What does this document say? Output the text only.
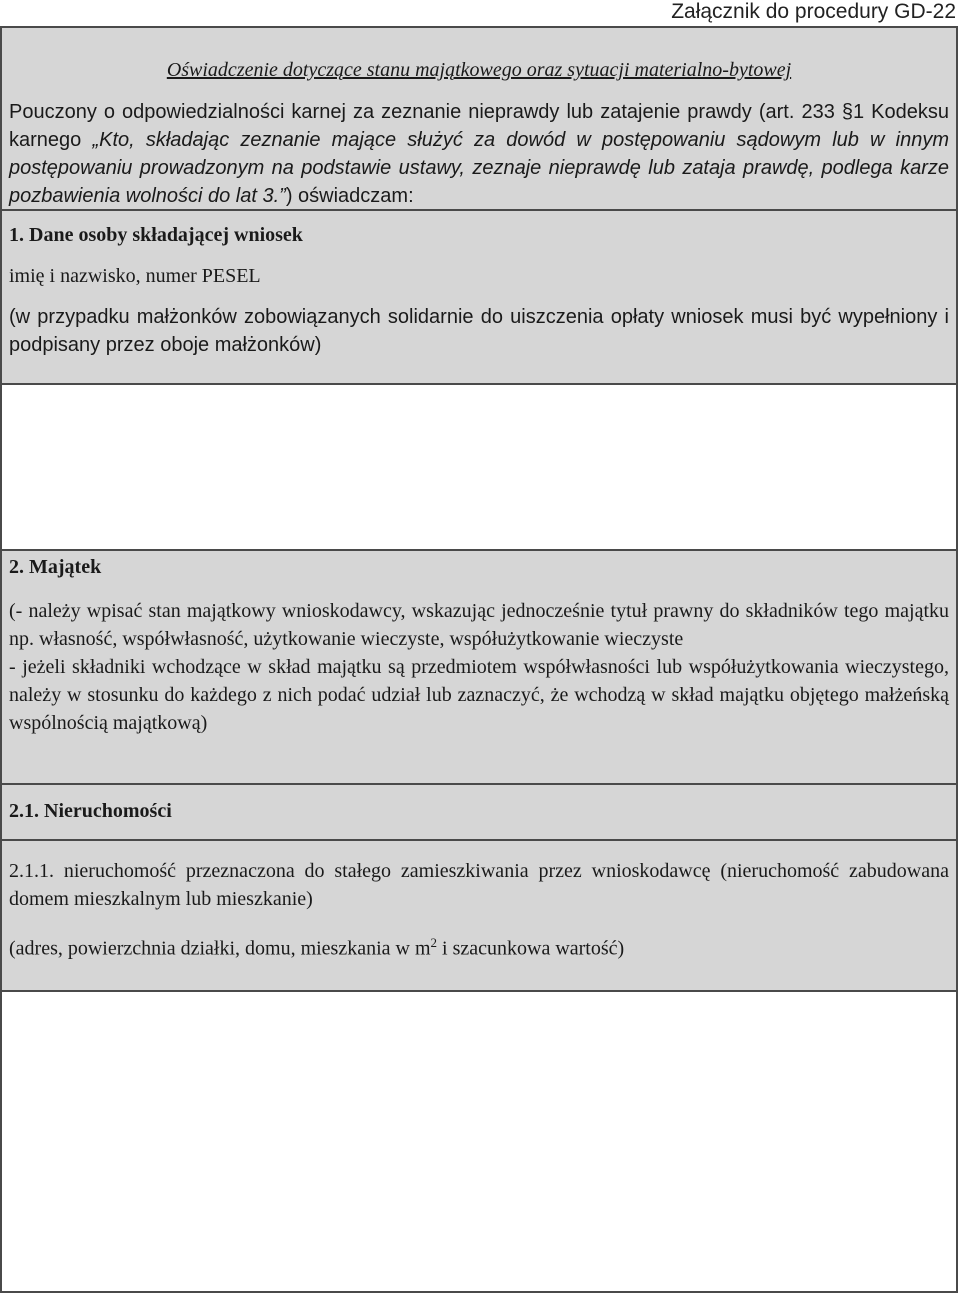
Załącznik do procedury GD-22

Oświadczenie dotyczące stanu majątkowego oraz sytuacji materialno-bytowej

Pouczony o odpowiedzialności karnej za zeznanie nieprawdy lub zatajenie prawdy (art. 233 §1 Kodeksu karnego „Kto, składając zeznanie mające służyć za dowód w postępowaniu sądowym lub w innym postępowaniu prowadzonym na podstawie ustawy, zeznaje nieprawdę lub zataja prawdę, podlega karze pozbawienia wolności do lat 3.”) oświadczam:

1. Dane osoby składającej wniosek

imię i nazwisko, numer PESEL

(w przypadku małżonków zobowiązanych solidarnie do uiszczenia opłaty wniosek musi być wypełniony i podpisany przez oboje małżonków)

2. Majątek

(- należy wpisać stan majątkowy wnioskodawcy, wskazując jednocześnie tytuł prawny do składników tego majątku np. własność, współwłasność, użytkowanie wieczyste, współużytkowanie wieczyste

- jeżeli składniki wchodzące w skład majątku są przedmiotem współwłasności lub współużytkowania wieczystego, należy w stosunku do każdego z nich podać udział lub zaznaczyć, że wchodzą w skład majątku objętego małżeńską wspólnością majątkową)

2.1. Nieruchomości

2.1.1. nieruchomość przeznaczona do stałego zamieszkiwania przez wnioskodawcę (nieruchomość zabudowana domem mieszkalnym lub mieszkanie)

(adres, powierzchnia działki, domu, mieszkania w $m^2$ i szacunkowa wartość)
